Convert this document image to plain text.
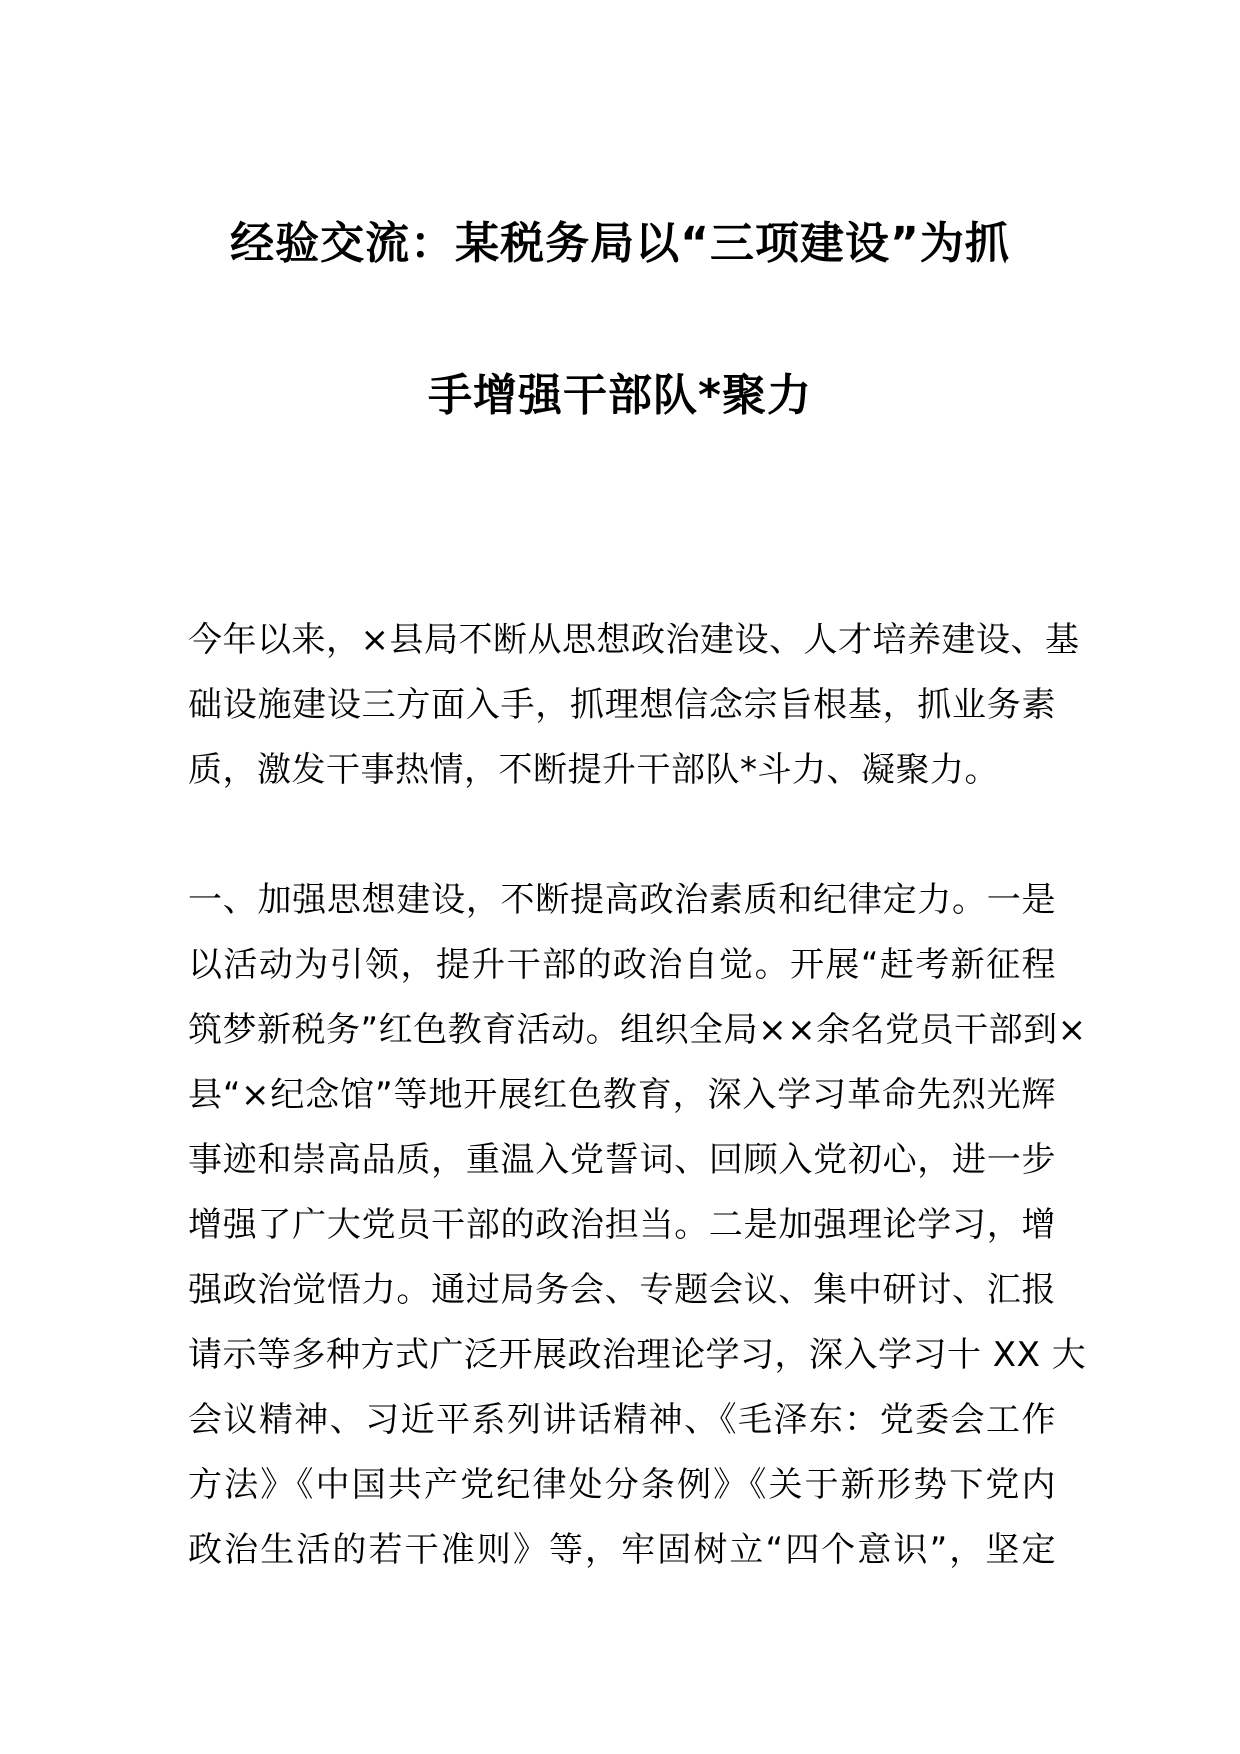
经验交流：某税务局以“三项建设”为抓
手增强干部队*聚力
今年以来，×县局不断从思想政治建设、人才培养建设、基
础设施建设三方面入手，抓理想信念宗旨根基，抓业务素
质，激发干事热情，不断提升干部队*斗力、凝聚力。
一、加强思想建设，不断提高政治素质和纪律定力。一是
以活动为引领，提升干部的政治自觉。开展“赶考新征程
筑梦新税务”红色教育活动。组织全局××余名党员干部到×
县“×纪念馆”等地开展红色教育，深入学习革命先烈光辉
事迹和崇高品质，重温入党誓词、回顾入党初心，进一步
增强了广大党员干部的政治担当。二是加强理论学习，增
强政治觉悟力。通过局务会、专题会议、集中研讨、汇报
请示等多种方式广泛开展政治理论学习，深入学习十 XX 大
会议精神、习近平系列讲话精神、《毛泽东：党委会工作
方法》《中国共产党纪律处分条例》《关于新形势下党内
政治生活的若干准则》等，牢固树立“四个意识”，坚定
